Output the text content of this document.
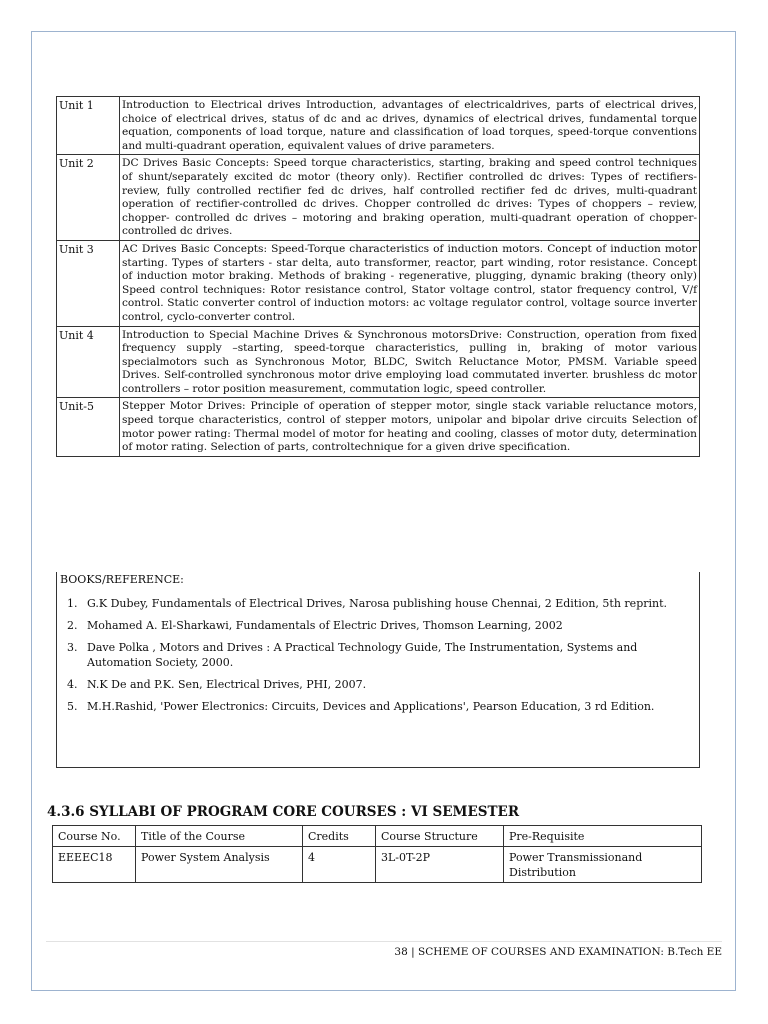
Unit 1	Introduction to Electrical drives Introduction, advantages of electricaldrives, parts of electrical drives, choice of electrical drives, status of dc and ac drives, dynamics of electrical drives, fundamental torque equation, components of load torque, nature and classification of load torques, speed-torque conventions and multi-quadrant operation, equivalent values of drive parameters.
Unit 2	DC Drives Basic Concepts: Speed torque characteristics, starting, braking and speed control techniques of shunt/separately excited dc motor (theory only). Rectifier controlled dc drives: Types of rectifiers- review, fully controlled rectifier fed dc drives, half controlled rectifier fed dc drives, multi-quadrant operation of rectifier-controlled dc drives. Chopper controlled dc drives: Types of choppers – review, chopper- controlled dc drives – motoring and braking operation, multi-quadrant operation of chopper-controlled dc drives.
Unit 3	AC Drives Basic Concepts: Speed-Torque characteristics of induction motors. Concept of induction motor starting. Types of starters - star delta, auto transformer, reactor, part winding, rotor resistance. Concept of induction motor braking. Methods of braking - regenerative, plugging, dynamic braking (theory only) Speed control techniques: Rotor resistance control, Stator voltage control, stator frequency control, V/f control. Static converter control of induction motors: ac voltage regulator control, voltage source inverter control, cyclo-converter control.
Unit 4	Introduction to Special Machine Drives & Synchronous motorsDrive: Construction, operation from fixed frequency supply –starting, speed-torque characteristics, pulling in, braking of motor various specialmotors such as Synchronous Motor, BLDC, Switch Reluctance Motor, PMSM. Variable speed Drives. Self-controlled synchronous motor drive employing load commutated inverter. brushless dc motor controllers – rotor position measurement, commutation logic, speed controller.
Unit-5	Stepper Motor Drives: Principle of operation of stepper motor, single stack variable reluctance motors, speed torque characteristics, control of stepper motors, unipolar and bipolar drive circuits Selection of motor power rating: Thermal model of motor for heating and cooling, classes of motor duty, determination of motor rating. Selection of parts, controltechnique for a given drive specification.
BOOKS/REFERENCE:
1. G.K Dubey, Fundamentals of Electrical Drives, Narosa publishing house Chennai, 2 Edition, 5th reprint.
2. Mohamed A. El-Sharkawi, Fundamentals of Electric Drives, Thomson Learning, 2002
3. Dave Polka , Motors and Drives : A Practical Technology Guide, The Instrumentation, Systems and Automation Society, 2000.
4. N.K De and P.K. Sen, Electrical Drives, PHI, 2007.
5. M.H.Rashid, 'Power Electronics: Circuits, Devices and Applications', Pearson Education, 3 rd Edition.
4.3.6 SYLLABI OF PROGRAM CORE COURSES : VI SEMESTER
Course No.	Title of the Course	Credits	Course Structure	Pre-Requisite
EEEEC18	Power System Analysis	4	3L-0T-2P	Power Transmissionand Distribution
38 | SCHEME OF COURSES AND EXAMINATION: B.Tech EE
